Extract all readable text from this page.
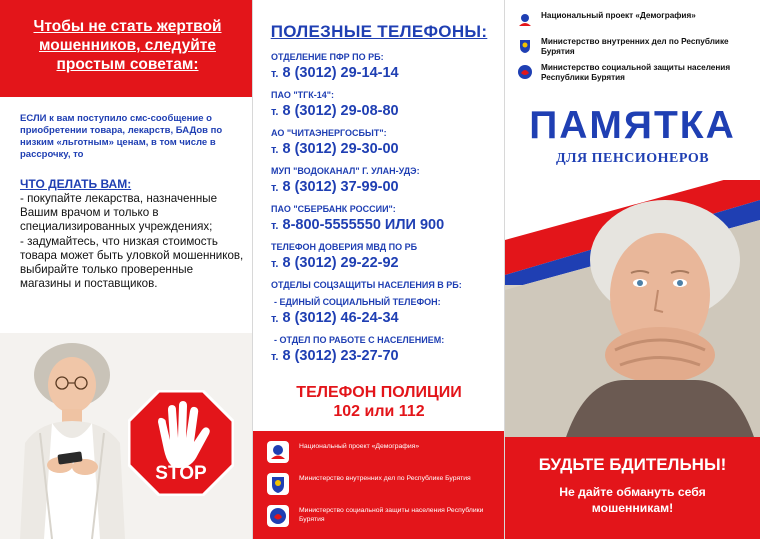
Чтобы не стать жертвой мошенников, следуйте простым советам:
ЕСЛИ к вам поступило смс-сообщение о приобретении товара, лекарств, БАДов по низким «льготным» ценам, в том числе в рассрочку, то
ЧТО ДЕЛАТЬ ВАМ:
- покупайте лекарства, назначенные Вашим врачом и только в специализированных учреждениях;
- задумайтесь, что низкая стоимость товара может быть уловкой мошенников, выбирайте только проверенные магазины и поставщиков.
STOP
ПОЛЕЗНЫЕ ТЕЛЕФОНЫ:
ОТДЕЛЕНИЕ ПФР ПО РБ:
т. 8 (3012) 29-14-14
ПАО "ТГК-14":
т. 8 (3012) 29-08-80
АО "ЧИТАЭНЕРГОСБЫТ":
т. 8 (3012) 29-30-00
МУП "ВОДОКАНАЛ" Г. УЛАН-УДЭ:
т. 8 (3012) 37-99-00
ПАО "СБЕРБАНК РОССИИ":
т. 8-800-5555550 ИЛИ 900
ТЕЛЕФОН ДОВЕРИЯ МВД ПО РБ
т. 8 (3012) 29-22-92
ОТДЕЛЫ СОЦЗАЩИТЫ НАСЕЛЕНИЯ В РБ:
- ЕДИНЫЙ СОЦИАЛЬНЫЙ ТЕЛЕФОН:
т. 8 (3012) 46-24-34
- ОТДЕЛ ПО РАБОТЕ С НАСЕЛЕНИЕМ:
т. 8 (3012) 23-27-70
ТЕЛЕФОН ПОЛИЦИИ
102 или 112
Национальный проект «Демография»
Министерство внутренних дел по Республике Бурятия
Министерство социальной защиты населения Республики Бурятия
Национальный проект «Демография»
Министерство внутренних дел по Республике Бурятия
Министерство социальной защиты населения Республики Бурятия
ПАМЯТКА
ДЛЯ ПЕНСИОНЕРОВ
БУДЬТЕ БДИТЕЛЬНЫ!
Не дайте обмануть себя мошенникам!
